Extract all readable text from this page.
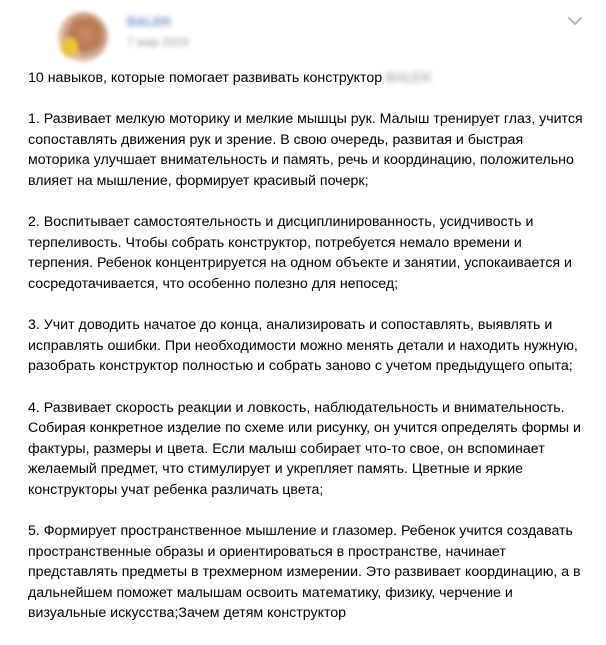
BALEK
7 мар 2019

10 навыков, которые помогает развивать конструктор BALEK

1. Развивает мелкую моторику и мелкие мышцы рук. Малыш тренирует глаз, учится сопоставлять движения рук и зрение. В свою очередь, развитая и быстрая моторика улучшает внимательность и память, речь и координацию, положительно влияет на мышление, формирует красивый почерк;

2. Воспитывает самостоятельность и дисциплинированность, усидчивость и терпеливость. Чтобы собрать конструктор, потребуется немало времени и терпения. Ребенок концентрируется на одном объекте и занятии, успокаивается и сосредотачивается, что особенно полезно для непосед;

3. Учит доводить начатое до конца, анализировать и сопоставлять, выявлять и исправлять ошибки. При необходимости можно менять детали и находить нужную, разобрать конструктор полностью и собрать заново с учетом предыдущего опыта;

4. Развивает скорость реакции и ловкость, наблюдательность и внимательность. Собирая конкретное изделие по схеме или рисунку, он учится определять формы и фактуры, размеры и цвета. Если малыш собирает что-то свое, он вспоминает желаемый предмет, что стимулирует и укрепляет память. Цветные и яркие конструкторы учат ребенка различать цвета;

5. Формирует пространственное мышление и глазомер. Ребенок учится создавать пространственные образы и ориентироваться в пространстве, начинает представлять предметы в трехмерном измерении. Это развивает координацию, а в дальнейшем поможет малышам освоить математику, физику, черчение и визуальные искусства;Зачем детям конструктор
